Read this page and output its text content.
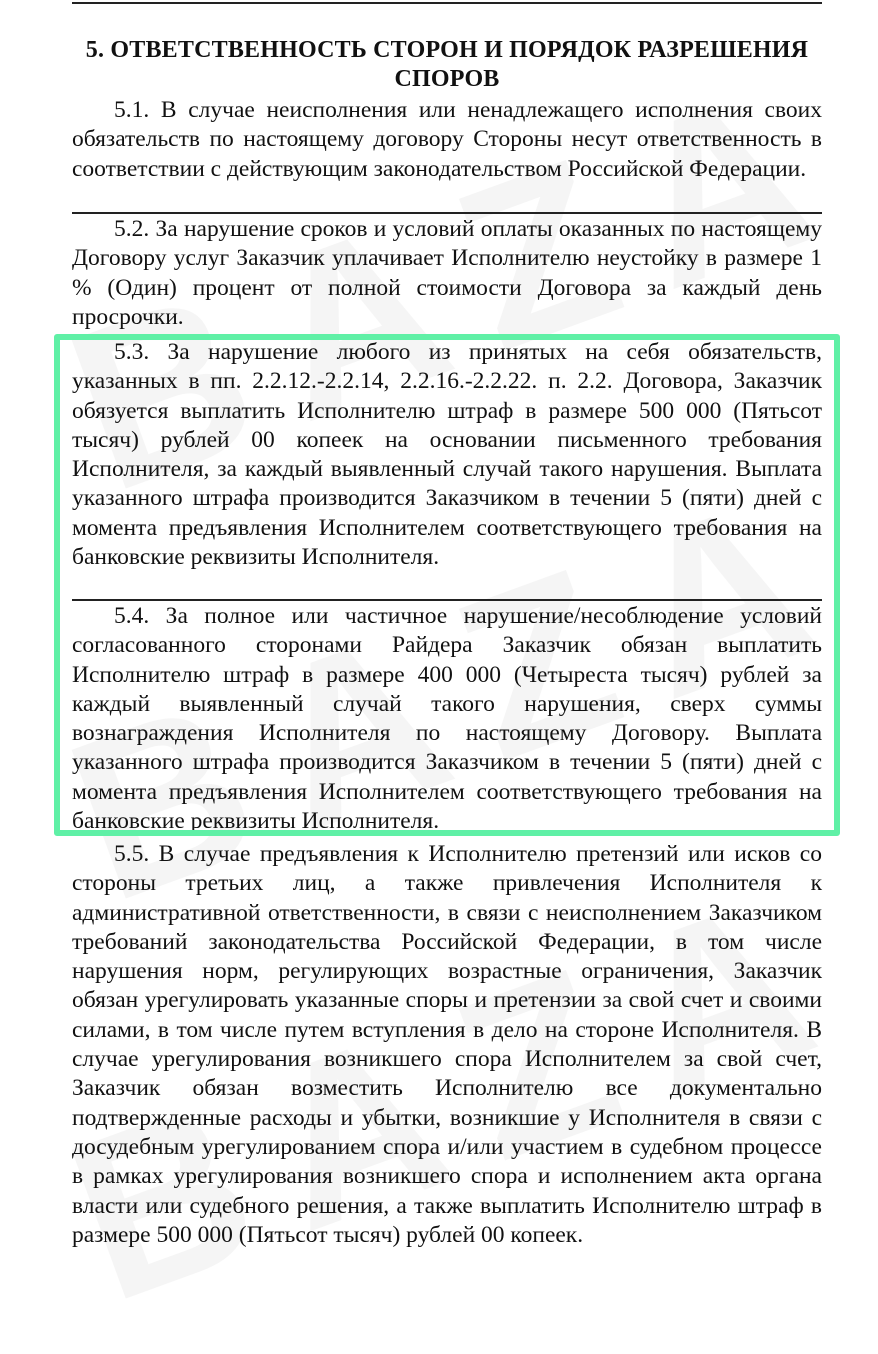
5. ОТВЕТСТВЕННОСТЬ СТОРОН И ПОРЯДОК РАЗРЕШЕНИЯ СПОРОВ
5.1. В случае неисполнения или ненадлежащего исполнения своих обязательств по настоящему договору Стороны несут ответственность в соответствии с действующим законодательством Российской Федерации.
5.2. За нарушение сроков и условий оплаты оказанных по настоящему Договору услуг Заказчик уплачивает Исполнителю неустойку в размере 1 % (Один) процент от полной стоимости Договора за каждый день просрочки.
5.3. За нарушение любого из принятых на себя обязательств, указанных в пп. 2.2.12.-2.2.14, 2.2.16.-2.2.22. п. 2.2. Договора, Заказчик обязуется выплатить Исполнителю штраф в размере 500 000 (Пятьсот тысяч) рублей 00 копеек на основании письменного требования Исполнителя, за каждый выявленный случай такого нарушения. Выплата указанного штрафа производится Заказчиком в течении 5 (пяти) дней с момента предъявления Исполнителем соответствующего требования на банковские реквизиты Исполнителя.
5.4. За полное или частичное нарушение/несоблюдение условий согласованного сторонами Райдера Заказчик обязан выплатить Исполнителю штраф в размере 400 000 (Четыреста тысяч) рублей за каждый выявленный случай такого нарушения, сверх суммы вознаграждения Исполнителя по настоящему Договору. Выплата указанного штрафа производится Заказчиком в течении 5 (пяти) дней с момента предъявления Исполнителем соответствующего требования на банковские реквизиты Исполнителя.
5.5. В случае предъявления к Исполнителю претензий или исков со стороны третьих лиц, а также привлечения Исполнителя к административной ответственности, в связи с неисполнением Заказчиком требований законодательства Российской Федерации, в том числе нарушения норм, регулирующих возрастные ограничения, Заказчик обязан урегулировать указанные споры и претензии за свой счет и своими силами, в том числе путем вступления в дело на стороне Исполнителя. В случае урегулирования возникшего спора Исполнителем за свой счет, Заказчик обязан возместить Исполнителю все документально подтвержденные расходы и убытки, возникшие у Исполнителя в связи с досудебным урегулированием спора и/или участием в судебном процессе в рамках урегулирования возникшего спора и исполнением акта органа власти или судебного решения, а также выплатить Исполнителю штраф в размере 500 000 (Пятьсот тысяч) рублей 00 копеек.
